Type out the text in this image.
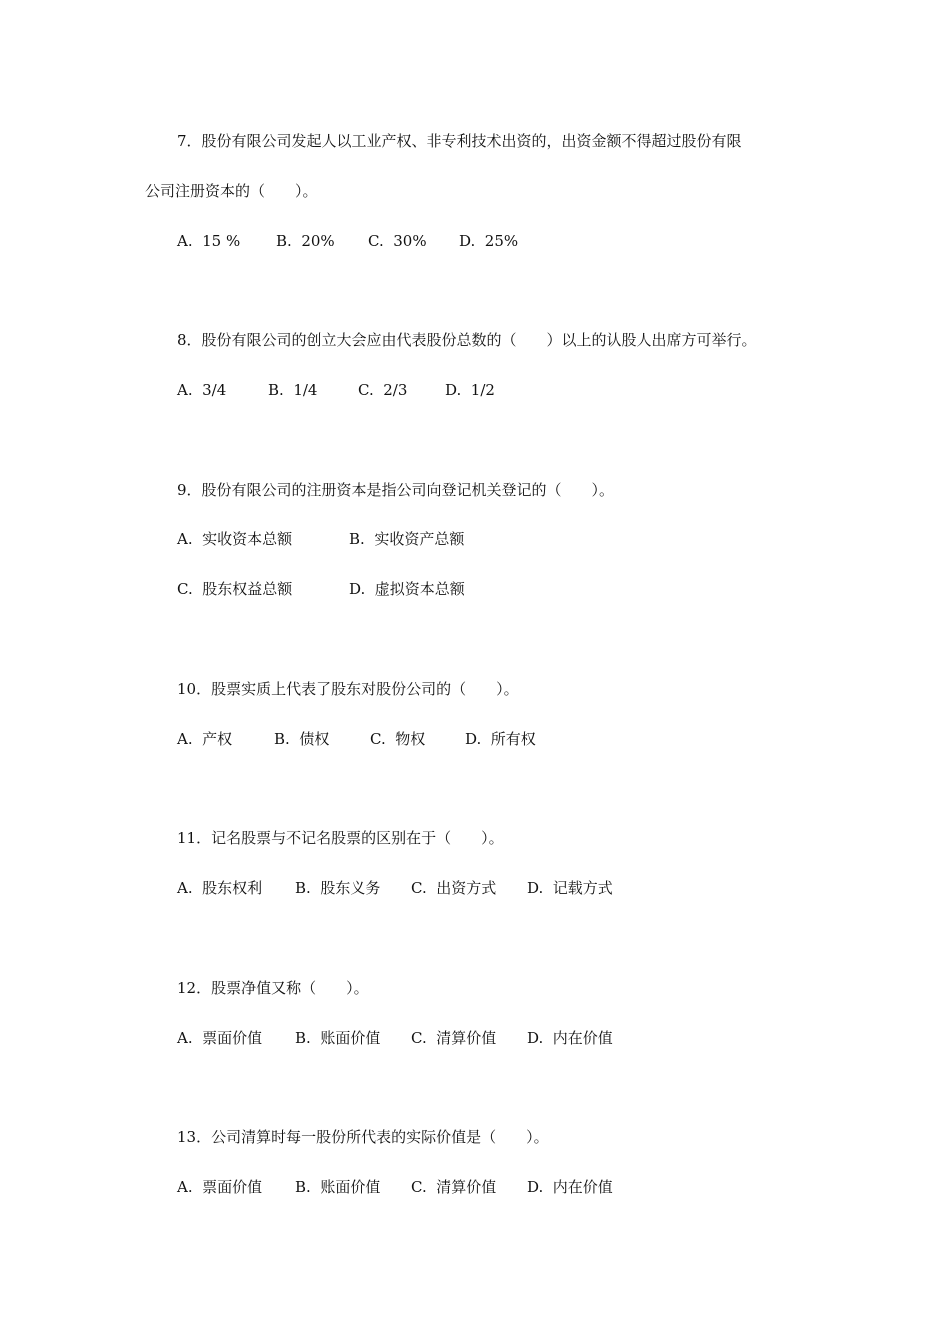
7．股份有限公司发起人以工业产权、非专利技术出资的，出资金额不得超过股份有限
公司注册资本的（　　）。
A.  15 % B.  20% C.  30% D.  25%
8．股份有限公司的创立大会应由代表股份总数的（　　）以上的认股人出席方可举行。
A.  3/4	B.  1/4	C.  2/3	D.  1/2
9．股份有限公司的注册资本是指公司向登记机关登记的（　　）。
A.  实收资本总额	B.  实收资产总额
C.  股东权益总额	D.  虚拟资本总额
10．股票实质上代表了股东对股份公司的（　　）。
A.  产权	B.  债权	C.  物权	D.  所有权
11．记名股票与不记名股票的区别在于（　　）。
A.  股东权利 B.  股东义务 C.  出资方式 D.  记载方式
12．股票净值又称（　　）。
A.  票面价值 B.  账面价值 C.  清算价值 D.  内在价值
13．公司清算时每一股份所代表的实际价值是（　　）。
A.  票面价值 B.  账面价值 C.  清算价值 D.  内在价值
